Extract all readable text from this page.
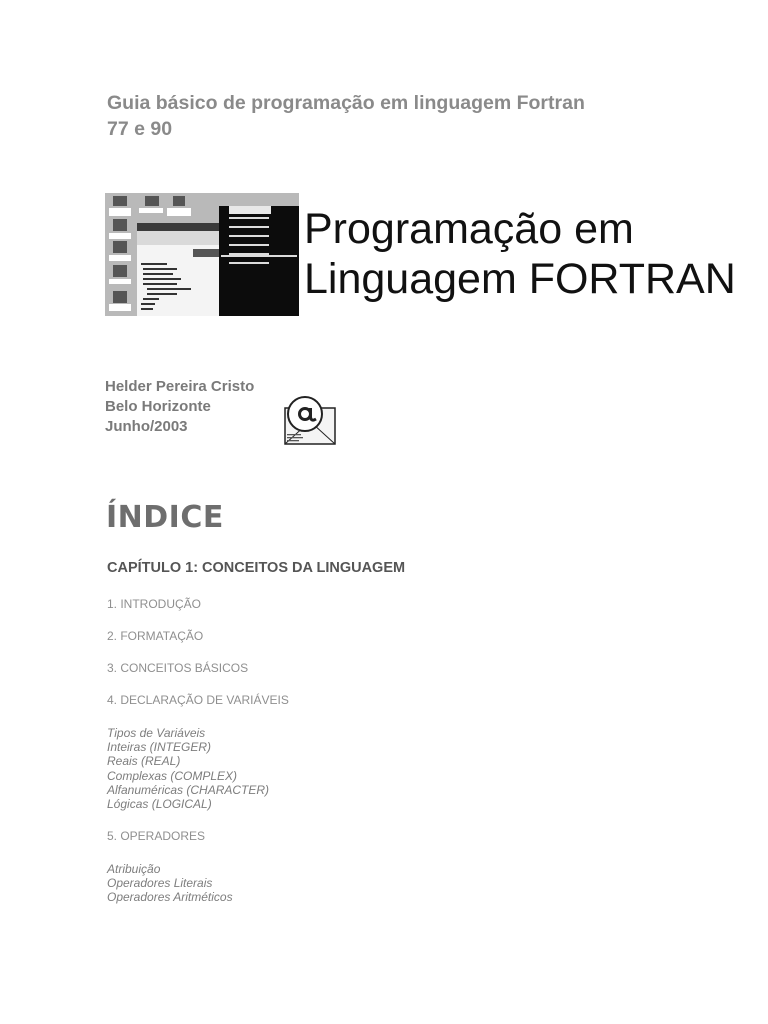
Guia básico de programação em linguagem Fortran
77 e 90
Programação em
Linguagem FORTRAN
Helder Pereira Cristo
Belo Horizonte
Junho/2003
ÍNDICE
CAPÍTULO 1: CONCEITOS DA LINGUAGEM
1. INTRODUÇÃO
2. FORMATAÇÃO
3. CONCEITOS BÁSICOS
4. DECLARAÇÃO DE VARIÁVEIS
Tipos de Variáveis
Inteiras (INTEGER)
Reais (REAL)
Complexas (COMPLEX)
Alfanuméricas (CHARACTER)
Lógicas (LOGICAL)
5. OPERADORES
Atribuição
Operadores Literais
Operadores Aritméticos
